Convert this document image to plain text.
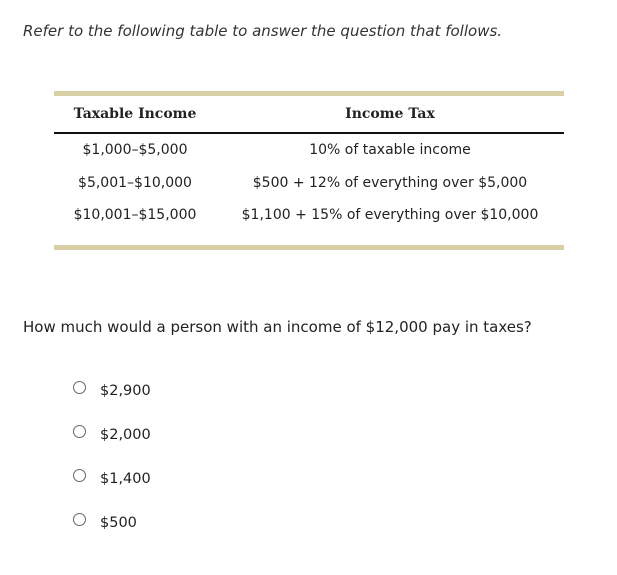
Refer to the following table to answer the question that follows.
Taxable Income	Income Tax
$1,000–$5,000	10% of taxable income
$5,001–$10,000	$500 + 12% of everything over $5,000
$10,001–$15,000	$1,100 + 15% of everything over $10,000
How much would a person with an income of $12,000 pay in taxes?
$2,900
$2,000
$1,400
$500
